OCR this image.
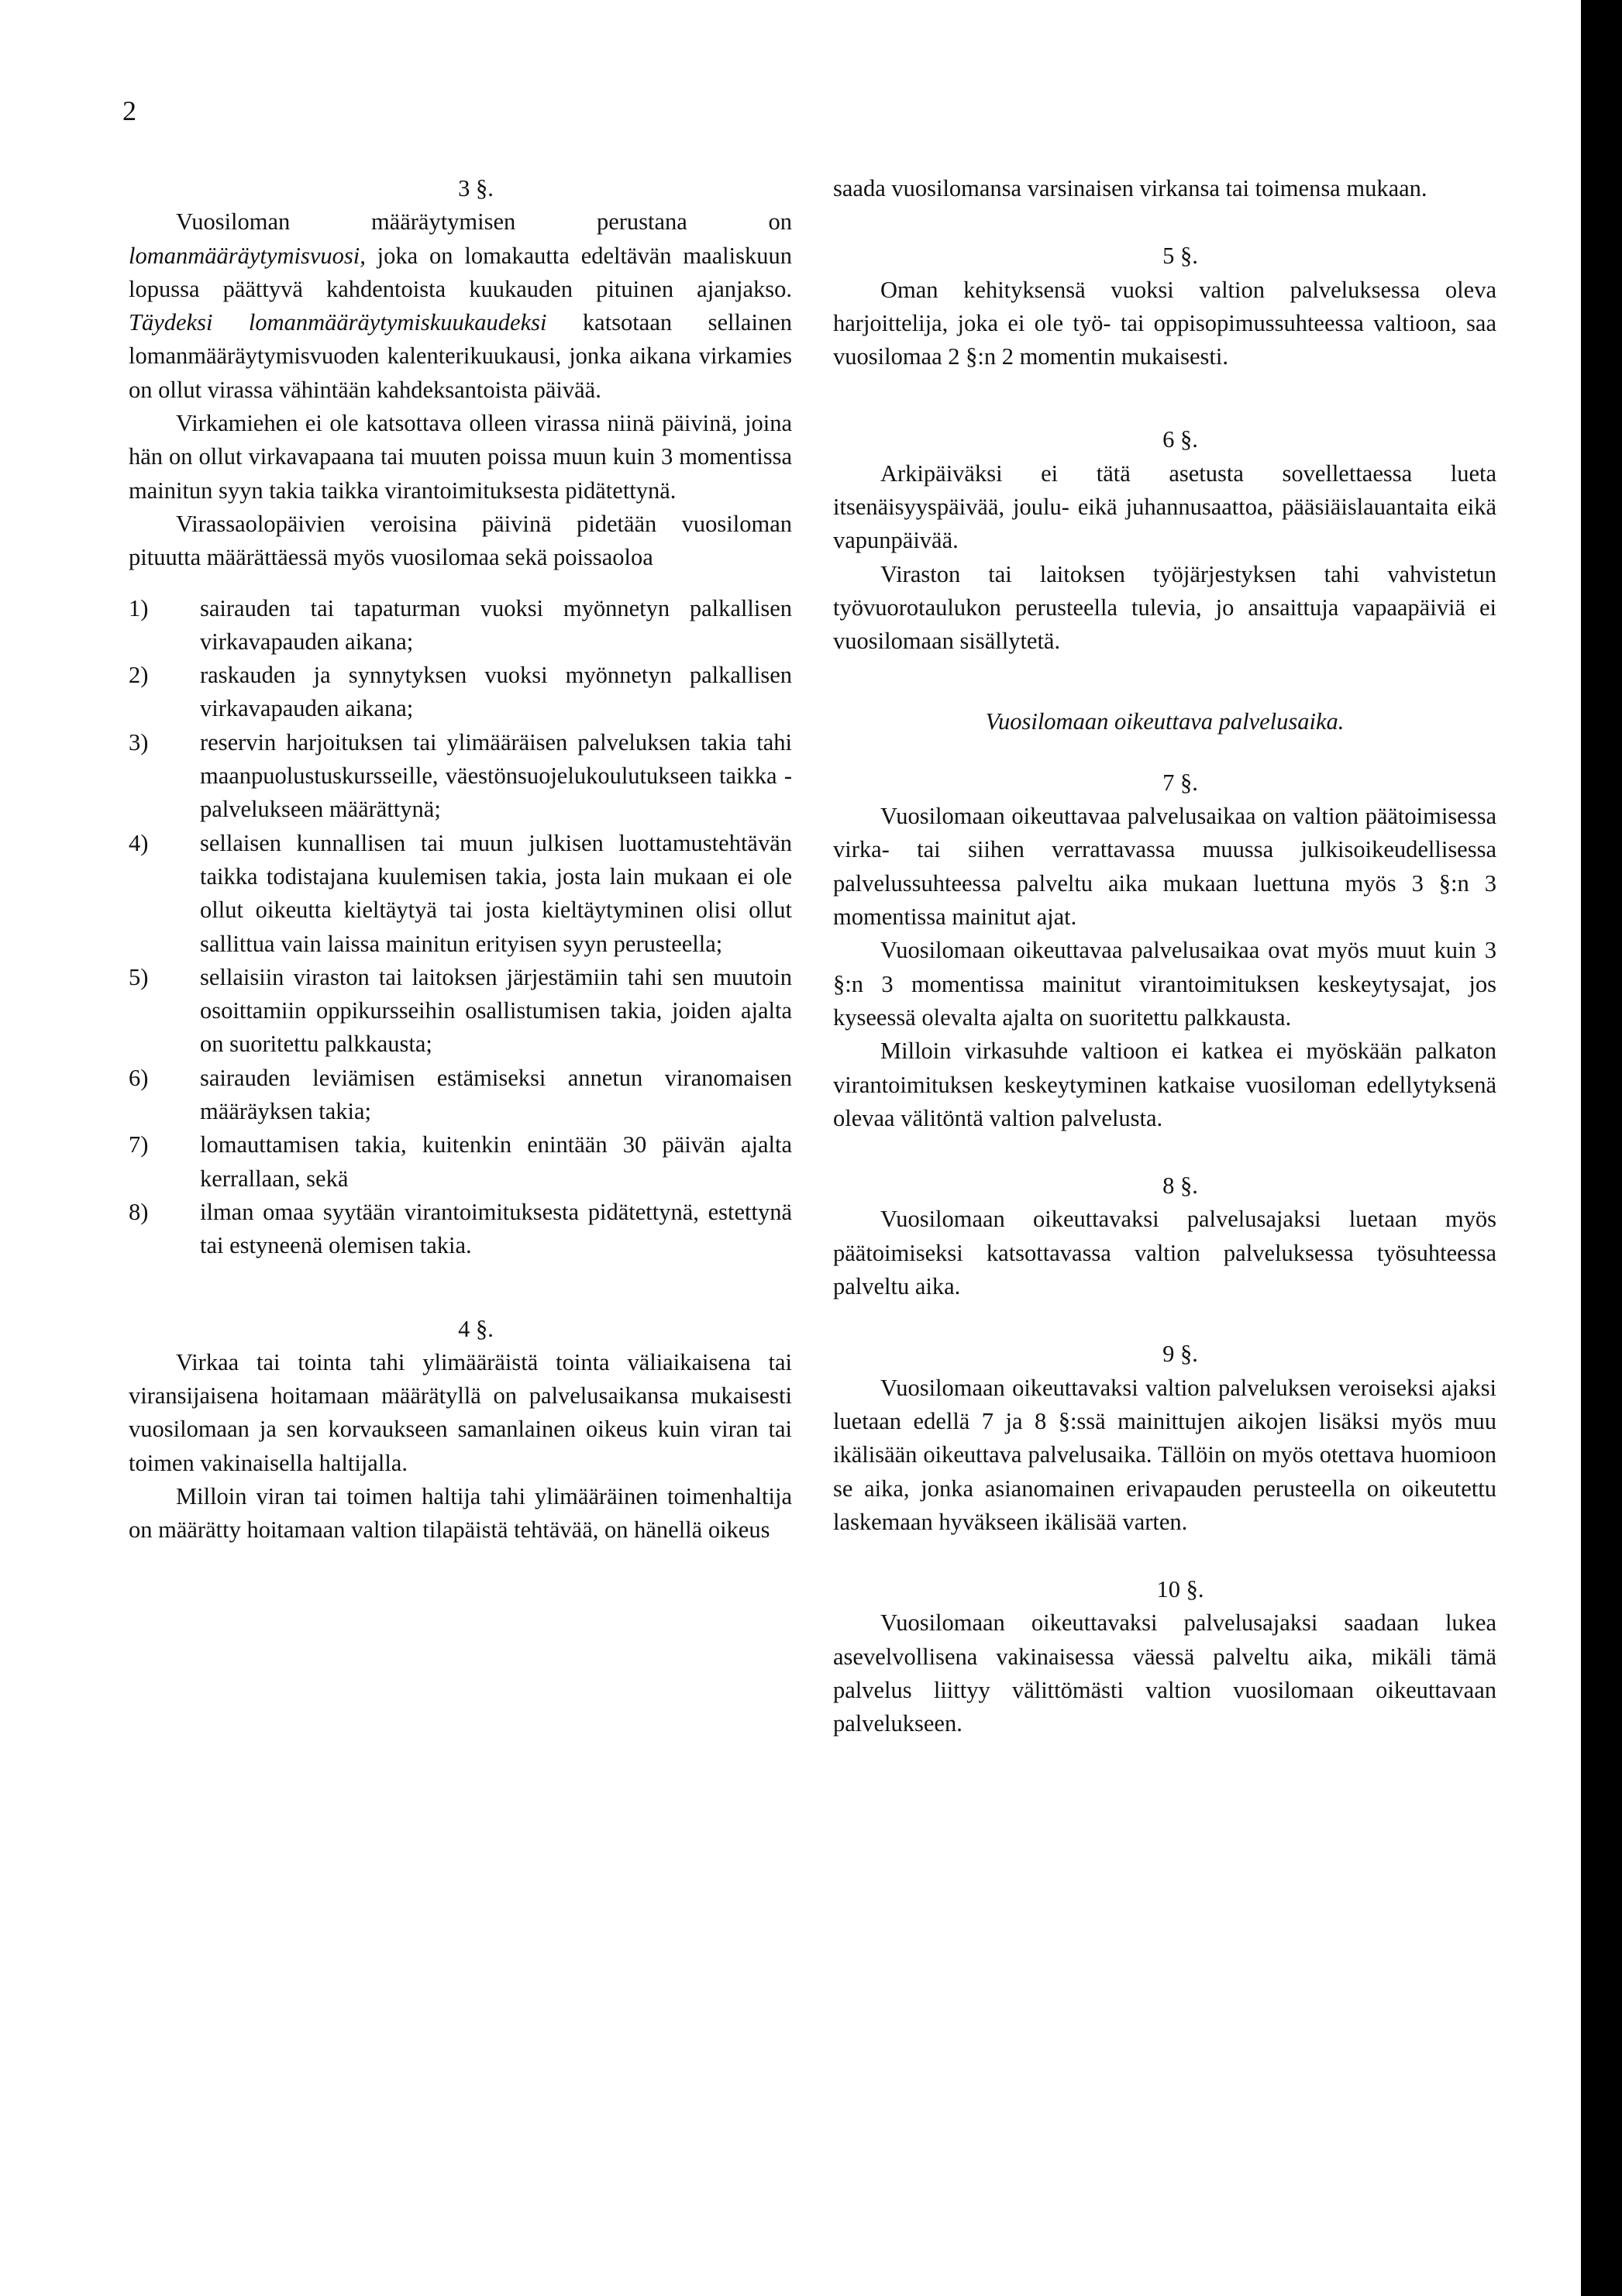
2
3 §.

Vuosiloman määräytymisen perustana on lomanmääräytymisvuosi, joka on lomakautta edeltävän maaliskuun lopussa päättyvä kahdentoista kuukauden pituinen ajanjakso. Täydeksi lomanmääräytymiskuukaudeksi katsotaan sellainen lomanmääräytymisvuoden kalenterikuukausi, jonka aikana virkamies on ollut virassa vähintään kahdeksantoista päivää.

Virkamiehen ei ole katsottava olleen virassa niinä päivinä, joina hän on ollut virkavapaana tai muuten poissa muun kuin 3 momentissa mainitun syyn takia taikka virantoimituksesta pidätettynä.

Virassaolopäivien veroisina päivinä pidetään vuosiloman pituutta määrättäessä myös vuosilomaa sekä poissaoloa

1)	sairauden tai tapaturman vuoksi myönnetyn palkallisen virkavapauden aikana;
2)	raskauden ja synnytyksen vuoksi myönnetyn palkallisen virkavapauden aikana;
3)	reservin harjoituksen tai ylimääräisen palveluksen takia tahi maanpuolustuskursseille, väestönsuojelukoulutukseen taikka -palvelukseen määrättynä;
4)	sellaisen kunnallisen tai muun julkisen luottamustehtävän taikka todistajana kuulemisen takia, josta lain mukaan ei ole ollut oikeutta kieltäytyä tai josta kieltäytyminen olisi ollut sallittua vain laissa mainitun erityisen syyn perusteella;
5)	sellaisiin viraston tai laitoksen järjestämiin tahi sen muutoin osoittamiin oppikursseihin osallistumisen takia, joiden ajalta on suoritettu palkkausta;
6)	sairauden leviämisen estämiseksi annetun viranomaisen määräyksen takia;
7)	lomauttamisen takia, kuitenkin enintään 30 päivän ajalta kerrallaan, sekä
8)	ilman omaa syytään virantoimituksesta pidätettynä, estettynä tai estyneenä olemisen takia.
4 §.

Virkaa tai tointa tahi ylimääräistä tointa väliaikaisena tai viransijaisena hoitamaan määrätyllä on palvelusaikansa mukaisesti vuosilomaan ja sen korvaukseen samanlainen oikeus kuin viran tai toimen vakinaisella haltijalla.

Milloin viran tai toimen haltija tahi ylimääräinen toimenhaltija on määrätty hoitamaan valtion tilapäistä tehtävää, on hänellä oikeus

saada vuosilomansa varsinaisen virkansa tai toimensa mukaan.

5 §.

Oman kehityksensä vuoksi valtion palveluksessa oleva harjoittelija, joka ei ole työ- tai oppisopimussuhteessa valtioon, saa vuosilomaa 2 §:n 2 momentin mukaisesti.

6 §.

Arkipäiväksi ei tätä asetusta sovellettaessa lueta itsenäisyyspäivää, joulu- eikä juhannusaattoa, pääsiäislauantaita eikä vapunpäivää.

Viraston tai laitoksen työjärjestyksen tahi vahvistetun työvuorotaulukon perusteella tulevia, jo ansaittuja vapaapäiviä ei vuosilomaan sisällytetä.

Vuosilomaan oikeuttava palvelusaika.
7 §.

Vuosilomaan oikeuttavaa palvelusaikaa on valtion päätoimisessa virka- tai siihen verrattavassa muussa julkisoikeudellisessa palvelussuhteessa palveltu aika mukaan luettuna myös 3 §:n 3 momentissa mainitut ajat.

Vuosilomaan oikeuttavaa palvelusaikaa ovat myös muut kuin 3 §:n 3 momentissa mainitut virantoimituksen keskeytysajat, jos kyseessä olevalta ajalta on suoritettu palkkausta.

Milloin virkasuhde valtioon ei katkea ei myöskään palkaton virantoimituksen keskeytyminen katkaise vuosiloman edellytyksenä olevaa välitöntä valtion palvelusta.

8 §.

Vuosilomaan oikeuttavaksi palvelusajaksi luetaan myös päätoimiseksi katsottavassa valtion palveluksessa työsuhteessa palveltu aika.

9 §.

Vuosilomaan oikeuttavaksi valtion palveluksen veroiseksi ajaksi luetaan edellä 7 ja 8 §:ssä mainittujen aikojen lisäksi myös muu ikälisään oikeuttava palvelusaika. Tällöin on myös otettava huomioon se aika, jonka asianomainen erivapauden perusteella on oikeutettu laskemaan hyväkseen ikälisää varten.

10 §.

Vuosilomaan oikeuttavaksi palvelusajaksi saadaan lukea asevelvollisena vakinaisessa väessä palveltu aika, mikäli tämä palvelus liittyy välittömästi valtion vuosilomaan oikeuttavaan palvelukseen.
